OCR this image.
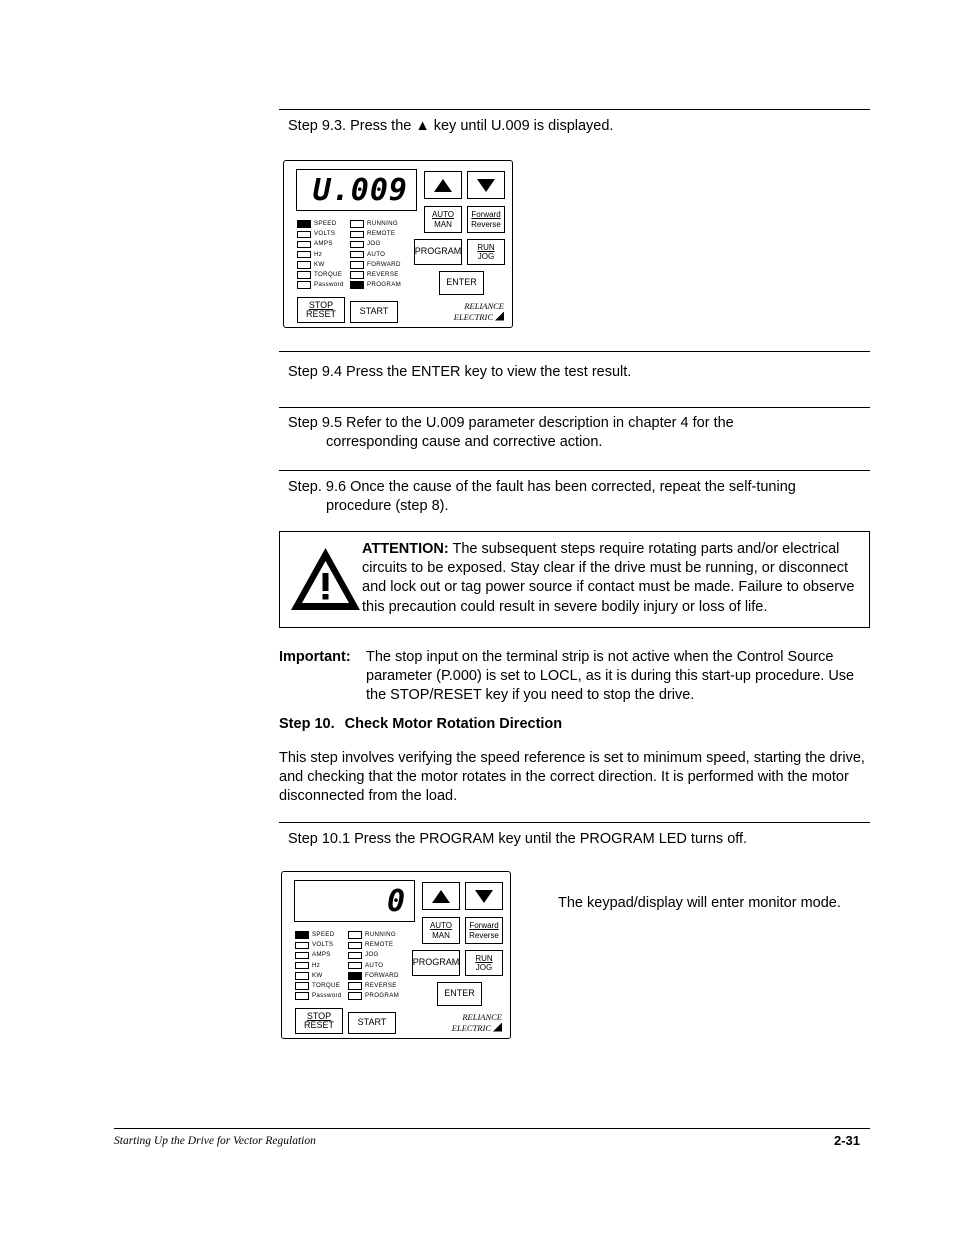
Step 9.3. Press the ▲ key until U.009 is displayed.
U.009
AUTO
MAN
Forward
Reverse
PROGRAM RUN
JOG
ENTER
STOP
RESET	START
SPEED
VOLTS
AMPS
Hz
KW
TORQUE
Password
RUNNING
REMOTE
JOG
AUTO
FORWARD
REVERSE
PROGRAM
RELIANCE
ELECTRIC
Step 9.4 Press the ENTER key to view the test result.
Step 9.5 Refer to the U.009 parameter description in chapter 4 for the
corresponding cause and corrective action.
Step. 9.6 Once the cause of the fault has been corrected, repeat the self-tuning
procedure (step 8).
ATTENTION: The subsequent steps require rotating parts and/or electrical circuits to be exposed. Stay clear if the drive must be running, or disconnect and lock out or tag power source if contact must be made. Failure to observe this precaution could result in severe bodily injury or loss of life.
Important:	The stop input on the terminal strip is not active when the Control Source parameter (P.000) is set to LOCL, as it is during this start-up procedure. Use the STOP/RESET key if you need to stop the drive.
Step 10. Check Motor Rotation Direction
This step involves verifying the speed reference is set to minimum speed, starting the drive, and checking that the motor rotates in the correct direction. It is performed with the motor disconnected from the load.
Step 10.1 Press the PROGRAM key until the PROGRAM LED turns off.
0
AUTO
MAN
Forward
Reverse
PROGRAM RUN
JOG
ENTER
STOP
RESET	START
SPEED
VOLTS
AMPS
Hz
KW
TORQUE
Password
RUNNING
REMOTE
JOG
AUTO
FORWARD
REVERSE
PROGRAM
RELIANCE
ELECTRIC
The keypad/display will enter monitor mode.
Starting Up the Drive for Vector Regulation	2-31
